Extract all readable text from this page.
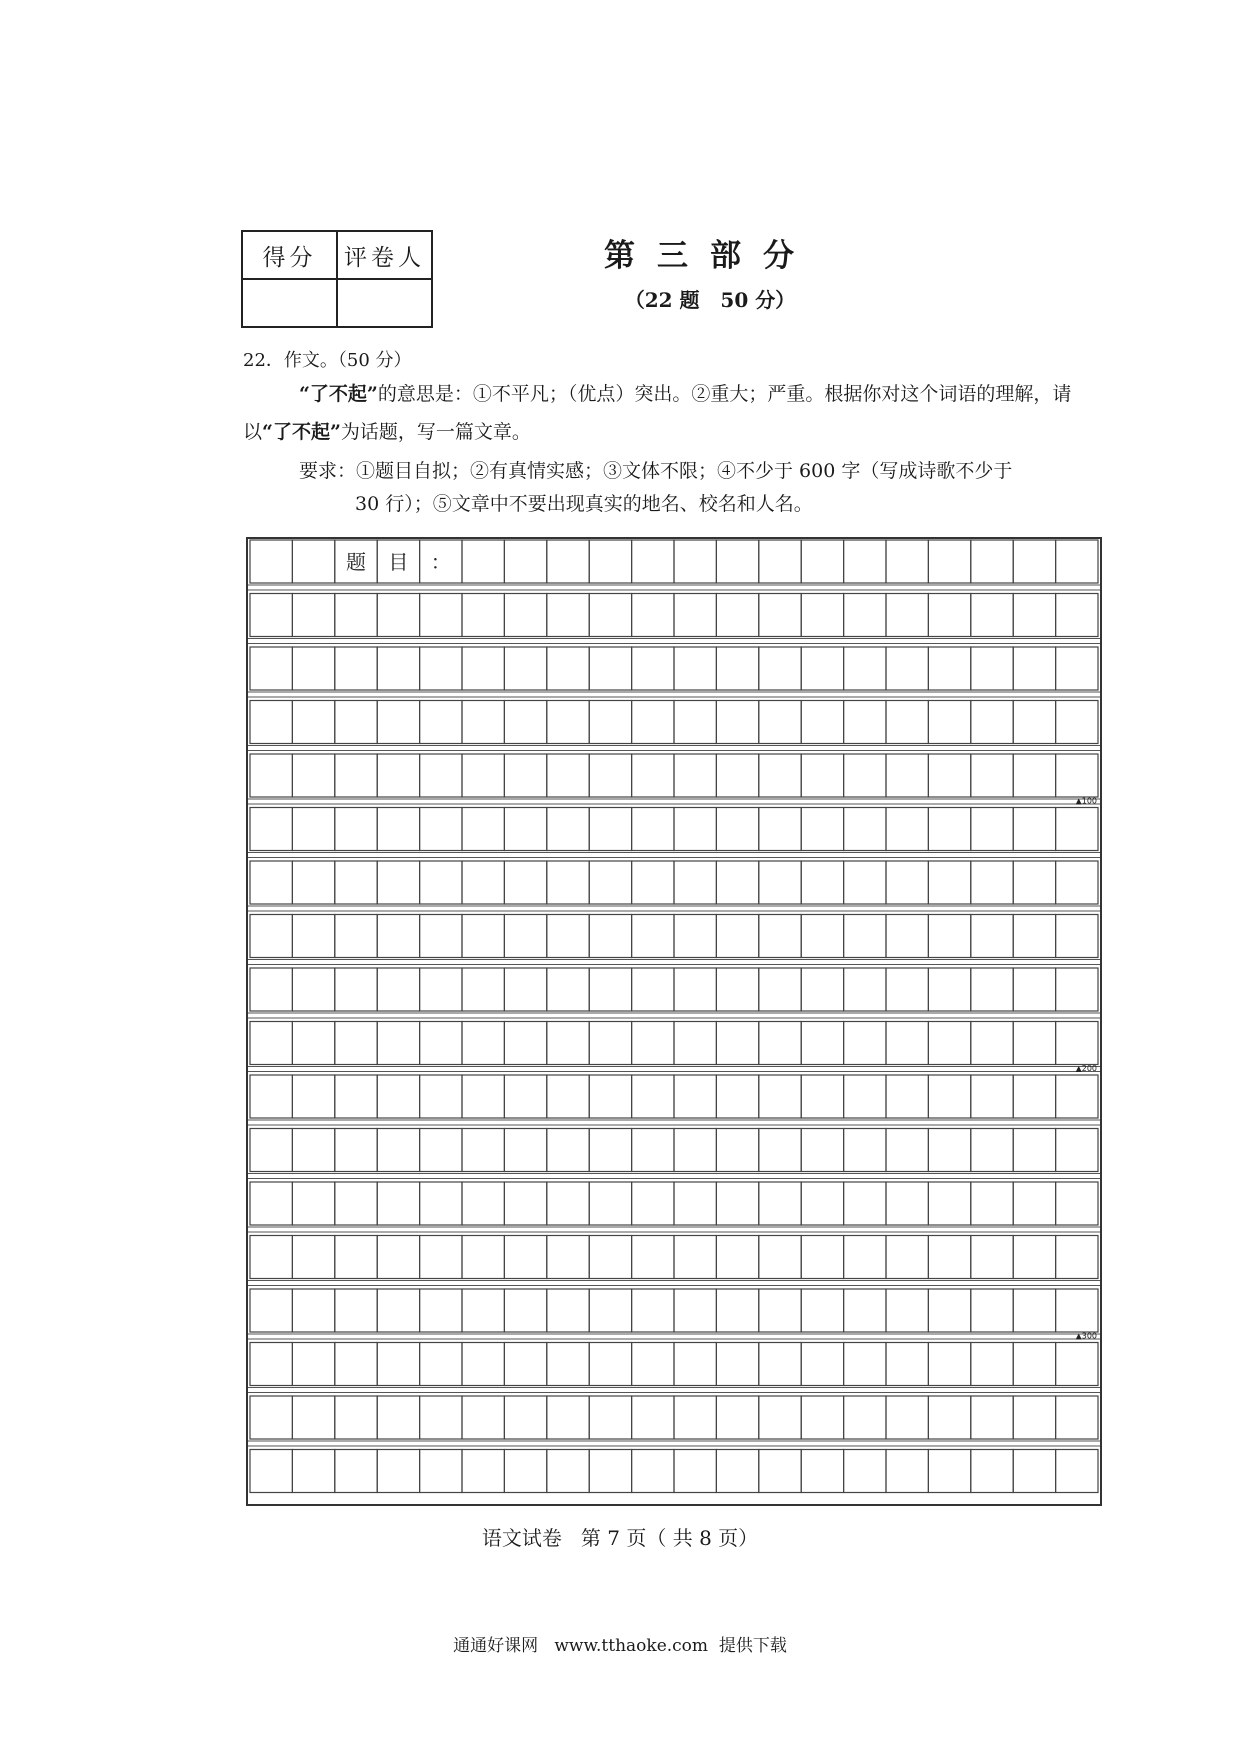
得分	评卷人
		第三部分
（22 题   50 分）
22．作文。（50 分）

“了不起”的意思是：①不平凡；（优点）突出。②重大；严重。根据你对这个词语的理解，请以“了不起”为话题，写一篇文章。

要求：①题目自拟；②有真情实感；③文体不限；④不少于 600 字（写成诗歌不少于

30 行）；⑤文章中不要出现真实的地名、校名和人名。
题 目 ：
▲100
▲200
▲300
语文试卷   第 7 页（ 共 8 页）
通通好课网   www.tthaoke.com  提供下载
